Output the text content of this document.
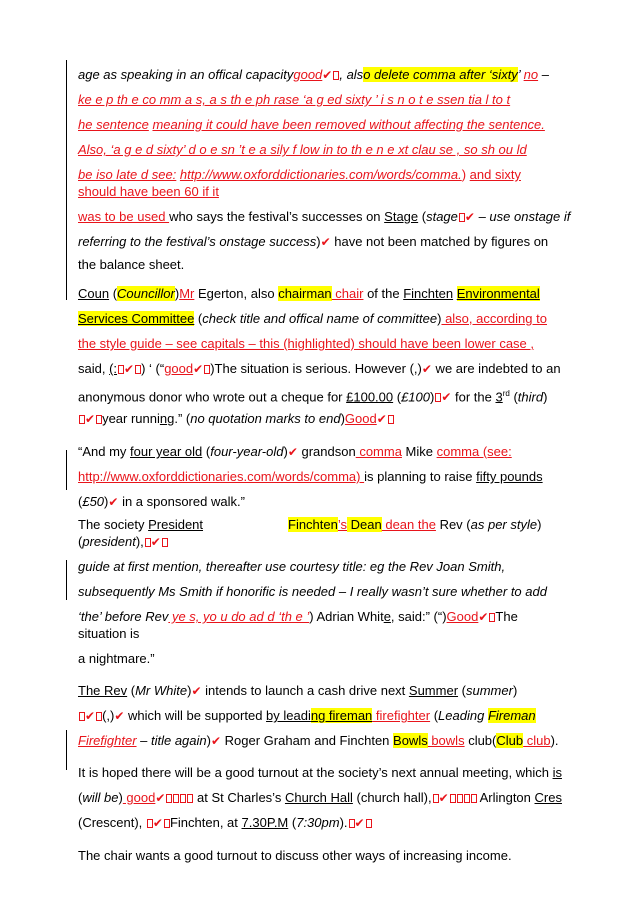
age as speaking in an offical capacitygood✔ , also delete comma after ‘sixty’ no –
ke e p th e co mm a s, a s th e ph rase ‘a g ed sixty ’ i s n o t e ssen tia l to t
he sentence meaning it could have been removed without affecting the sentence.
Also, ‘a g e d sixty’ d o e sn ’t e a sily f low in to th e n e xt clau se , so sh ou ld
be iso late d see: http://www.oxforddictionaries.com/words/comma.) and sixty
should have been 60 if it
was to be used who says the festival’s successes on Stage (stage ✔ – use onstage if
referring to the festival’s onstage success)✔ have not been matched by figures on
the balance sheet.
Coun (Councillor)Mr Egerton, also chairman chair of the Finchten Environmental
Services Committee (check title and offical name of committee) also, according to
the style guide – see capitals – this (highlighted) should have been lower case ,
said, (: ✔ ) ‘ (“good✔ )The situation is serious. However (,)✔ we are indebted to an
anonymous donor who wrote out a cheque for £100.00 (£100) ✔ for the 3rd (third)
✔ year running.” (no quotation marks to end)Good✔
“And my four year old (four-year-old)✔ grandson comma Mike comma (see:
http://www.oxforddictionaries.com/words/comma) is planning to raise fifty pounds
(£50)✔ in a sponsored walk.”
The society President
(president), ✔
guide at first mention, thereafter use courtesy title: eg the Rev Joan Smith,
subsequently Ms Smith if honorific is needed – I really wasn’t sure whether to add
‘the’ before Rev ye s, yo u do ad d ‘th e ’) Adrian White, said:” (“)Good✔ The
situation is
a nightmare.”
The Rev (Mr White)✔ intends to launch a cash drive next Summer (summer)
✔ (,)✔ which will be supported by leading fireman firefighter (Leading Fireman
Firefighter – title again)✔ Roger Graham and Finchten Bowls bowls club(Club club).
It is hoped there will be a good turnout at the society’s next annual meeting, which is
(will be) good✔ at St Charles’s Church Hall (church hall), ✔ Arlington Cres
(Crescent), ✔ Finchten, at 7.30P.M (7:30pm). ✔
The chair wants a good turnout to discuss other ways of increasing income.
Finchten’s Dean dean the Rev (as per style)
